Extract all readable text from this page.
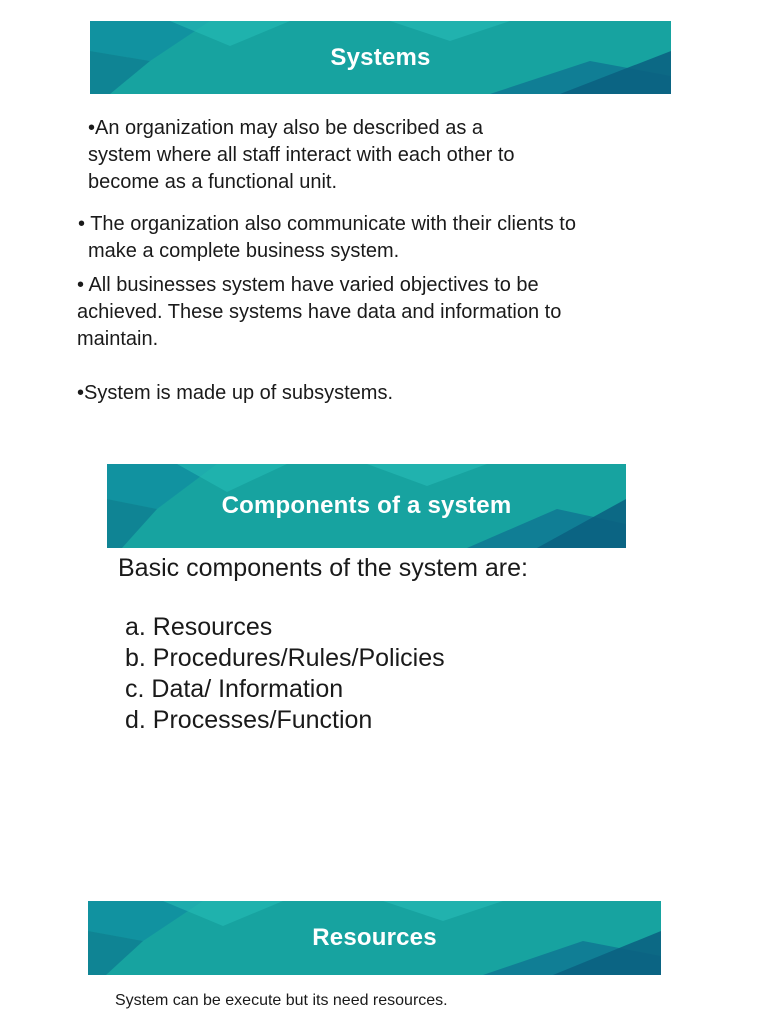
Systems

•An organization may also be described as a
system where all staff interact with each other to
become as a functional unit.

• The organization also communicate with their clients to
make a complete business system.

• All businesses system have varied objectives to be
achieved. These systems have data and information to
maintain.

•System is made up of subsystems.

Components of a system

Basic components of the system are:

a. Resources
b. Procedures/Rules/Policies
c. Data/ Information
d. Processes/Function
Resources

System can be execute but its need resources.
